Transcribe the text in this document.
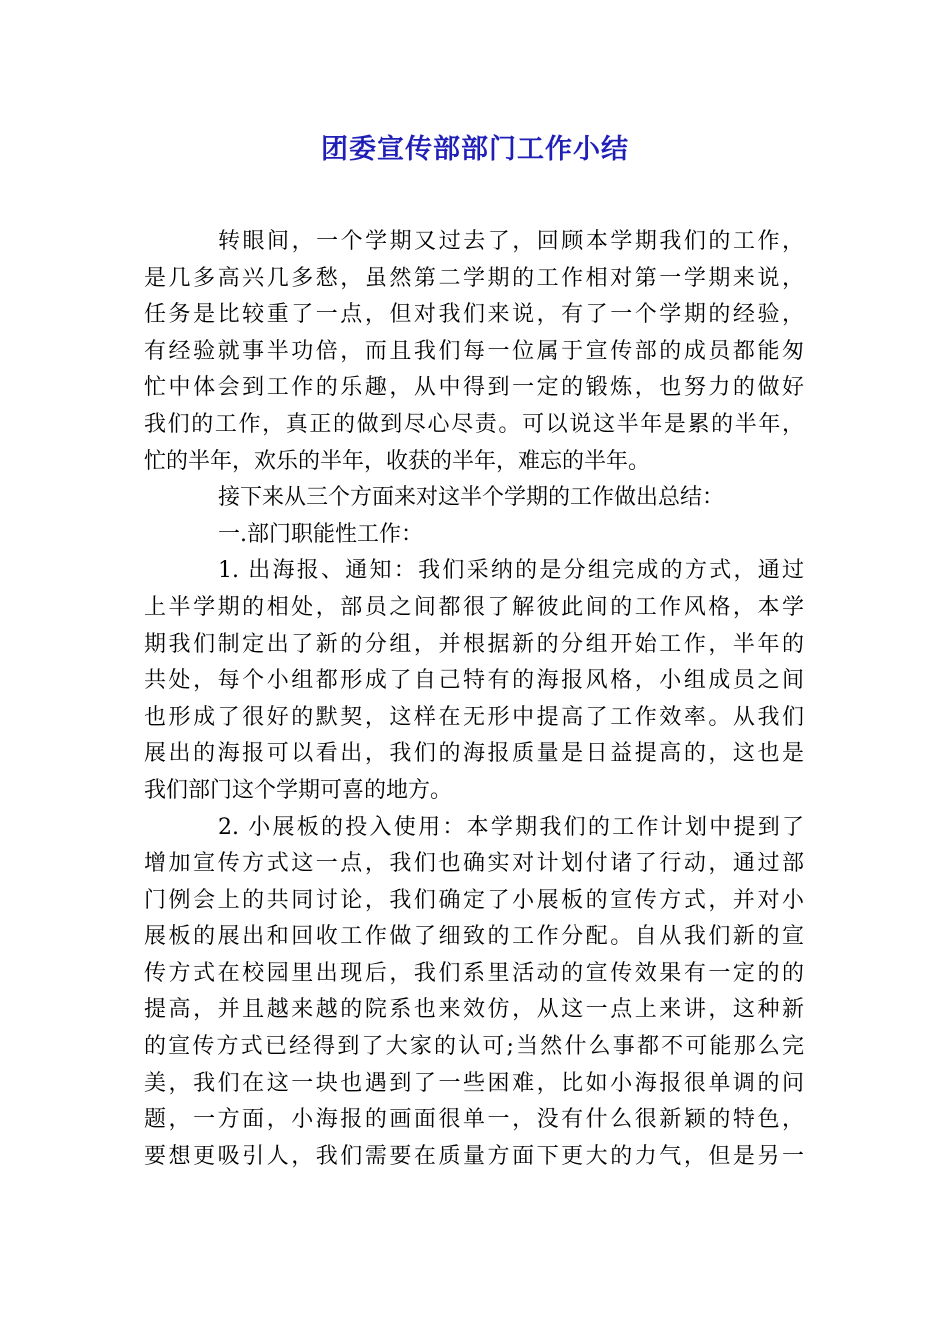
团委宣传部部门工作小结
转眼间，一个学期又过去了，回顾本学期我们的工作，
是几多高兴几多愁，虽然第二学期的工作相对第一学期来说，
任务是比较重了一点，但对我们来说，有了一个学期的经验，
有经验就事半功倍，而且我们每一位属于宣传部的成员都能匆
忙中体会到工作的乐趣，从中得到一定的锻炼，也努力的做好
我们的工作，真正的做到尽心尽责。可以说这半年是累的半年，
忙的半年，欢乐的半年，收获的半年，难忘的半年。
接下来从三个方面来对这半个学期的工作做出总结：
一.部门职能性工作：
1. 出海报、通知：我们采纳的是分组完成的方式，通过
上半学期的相处，部员之间都很了解彼此间的工作风格，本学
期我们制定出了新的分组，并根据新的分组开始工作，半年的
共处，每个小组都形成了自己特有的海报风格，小组成员之间
也形成了很好的默契，这样在无形中提高了工作效率。从我们
展出的海报可以看出，我们的海报质量是日益提高的，这也是
我们部门这个学期可喜的地方。
2. 小展板的投入使用：本学期我们的工作计划中提到了
增加宣传方式这一点，我们也确实对计划付诸了行动，通过部
门例会上的共同讨论，我们确定了小展板的宣传方式，并对小
展板的展出和回收工作做了细致的工作分配。自从我们新的宣
传方式在校园里出现后，我们系里活动的宣传效果有一定的的
提高，并且越来越的院系也来效仿，从这一点上来讲，这种新
的宣传方式已经得到了大家的认可;当然什么事都不可能那么完
美，我们在这一块也遇到了一些困难，比如小海报很单调的问
题，一方面，小海报的画面很单一，没有什么很新颖的特色，
要想更吸引人，我们需要在质量方面下更大的力气，但是另一
